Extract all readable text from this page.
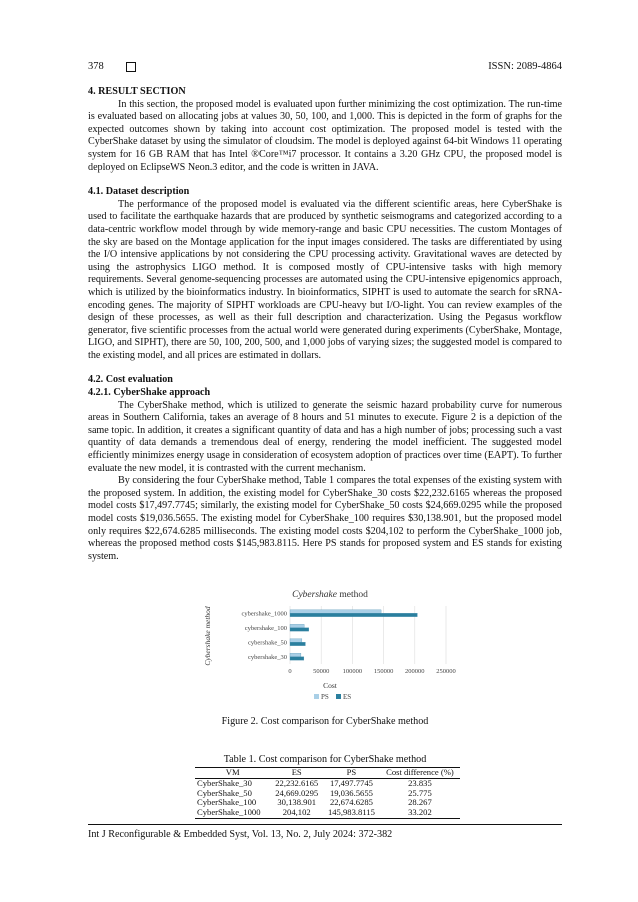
378	ISSN: 2089-4864
4. RESULT SECTION

In this section, the proposed model is evaluated upon further minimizing the cost optimization. The run-time is evaluated based on allocating jobs at values 30, 50, 100, and 1,000. This is depicted in the form of graphs for the expected outcomes shown by taking into account cost optimization. The proposed model is tested with the CyberShake dataset by using the simulator of cloudsim. The model is deployed against 64-bit Windows 11 operating system for 16 GB RAM that has Intel ®Core™i7 processor. It contains a 3.20 GHz CPU, the proposed model is deployed on EclipseWS Neon.3 editor, and the code is written in JAVA.

4.1. Dataset description

The performance of the proposed model is evaluated via the different scientific areas, here CyberShake is used to facilitate the earthquake hazards that are produced by synthetic seismograms and categorized according to a data-centric workflow model through by wide memory-range and basic CPU necessities. The custom Montages of the sky are based on the Montage application for the input images considered. The tasks are differentiated by using the I/O intensive applications by not considering the CPU processing activity. Gravitational waves are detected by using the astrophysics LIGO method. It is composed mostly of CPU-intensive tasks with high memory requirements. Several genome-sequencing processes are automated using the CPU-intensive epigenomics approach, which is utilized by the bioinformatics industry. In bioinformatics, SIPHT is used to automate the search for sRNA-encoding genes. The majority of SIPHT workloads are CPU-heavy but I/O-light. You can review examples of the design of these processes, as well as their full description and characterization. Using the Pegasus workflow generator, five scientific processes from the actual world were generated during experiments (CyberShake, Montage, LIGO, and SIPHT), there are 50, 100, 200, 500, and 1,000 jobs of varying sizes; the suggested model is compared to the existing model, and all prices are estimated in dollars.

4.2. Cost evaluation
4.2.1. CyberShake approach

The CyberShake method, which is utilized to generate the seismic hazard probability curve for numerous areas in Southern California, takes an average of 8 hours and 51 minutes to execute. Figure 2 is a depiction of the same topic. In addition, it creates a significant quantity of data and has a high number of jobs; processing such a vast quantity of data demands a tremendous deal of energy, rendering the model inefficient. The suggested model efficiently minimizes energy usage in consideration of ecosystem adoption of practices over time (EAPT). To further evaluate the new model, it is contrasted with the current mechanism.

By considering the four CyberShake method, Table 1 compares the total expenses of the existing system with the proposed system. In addition, the existing model for CyberShake_30 costs $22,232.6165 whereas the proposed model costs $17,497.7745; similarly, the existing model for CyberShake_50 costs $24,669.0295 while the proposed model costs $19,036.5655. The existing model for CyberShake_100 requires $30,138.901, but the proposed model only requires $22,674.6285 milliseconds. The existing model costs $204,102 to perform the CyberShake_1000 job, whereas the proposed method costs $145,983.8115. Here PS stands for proposed system and ES stands for existing system.

Cybershake method
Cybershake method
Cost
cybershake_30
cybershake_50
cybershake_100
cybershake_1000
0	50000 100000 150000 200000 250000
PS ES
Figure 2. Cost comparison for CyberShake method
Table 1. Cost comparison for CyberShake method
VM	ES	PS	Cost difference (%)
CyberShake_30	22,232.6165	17,497.7745	23.835
CyberShake_50	24,669.0295	19,036.5655	25.775
CyberShake_100	30,138.901	22,674.6285	28.267
CyberShake_1000	204,102	145,983.8115	33.202
Int J Reconfigurable & Embedded Syst, Vol. 13, No. 2, July 2024: 372-382
